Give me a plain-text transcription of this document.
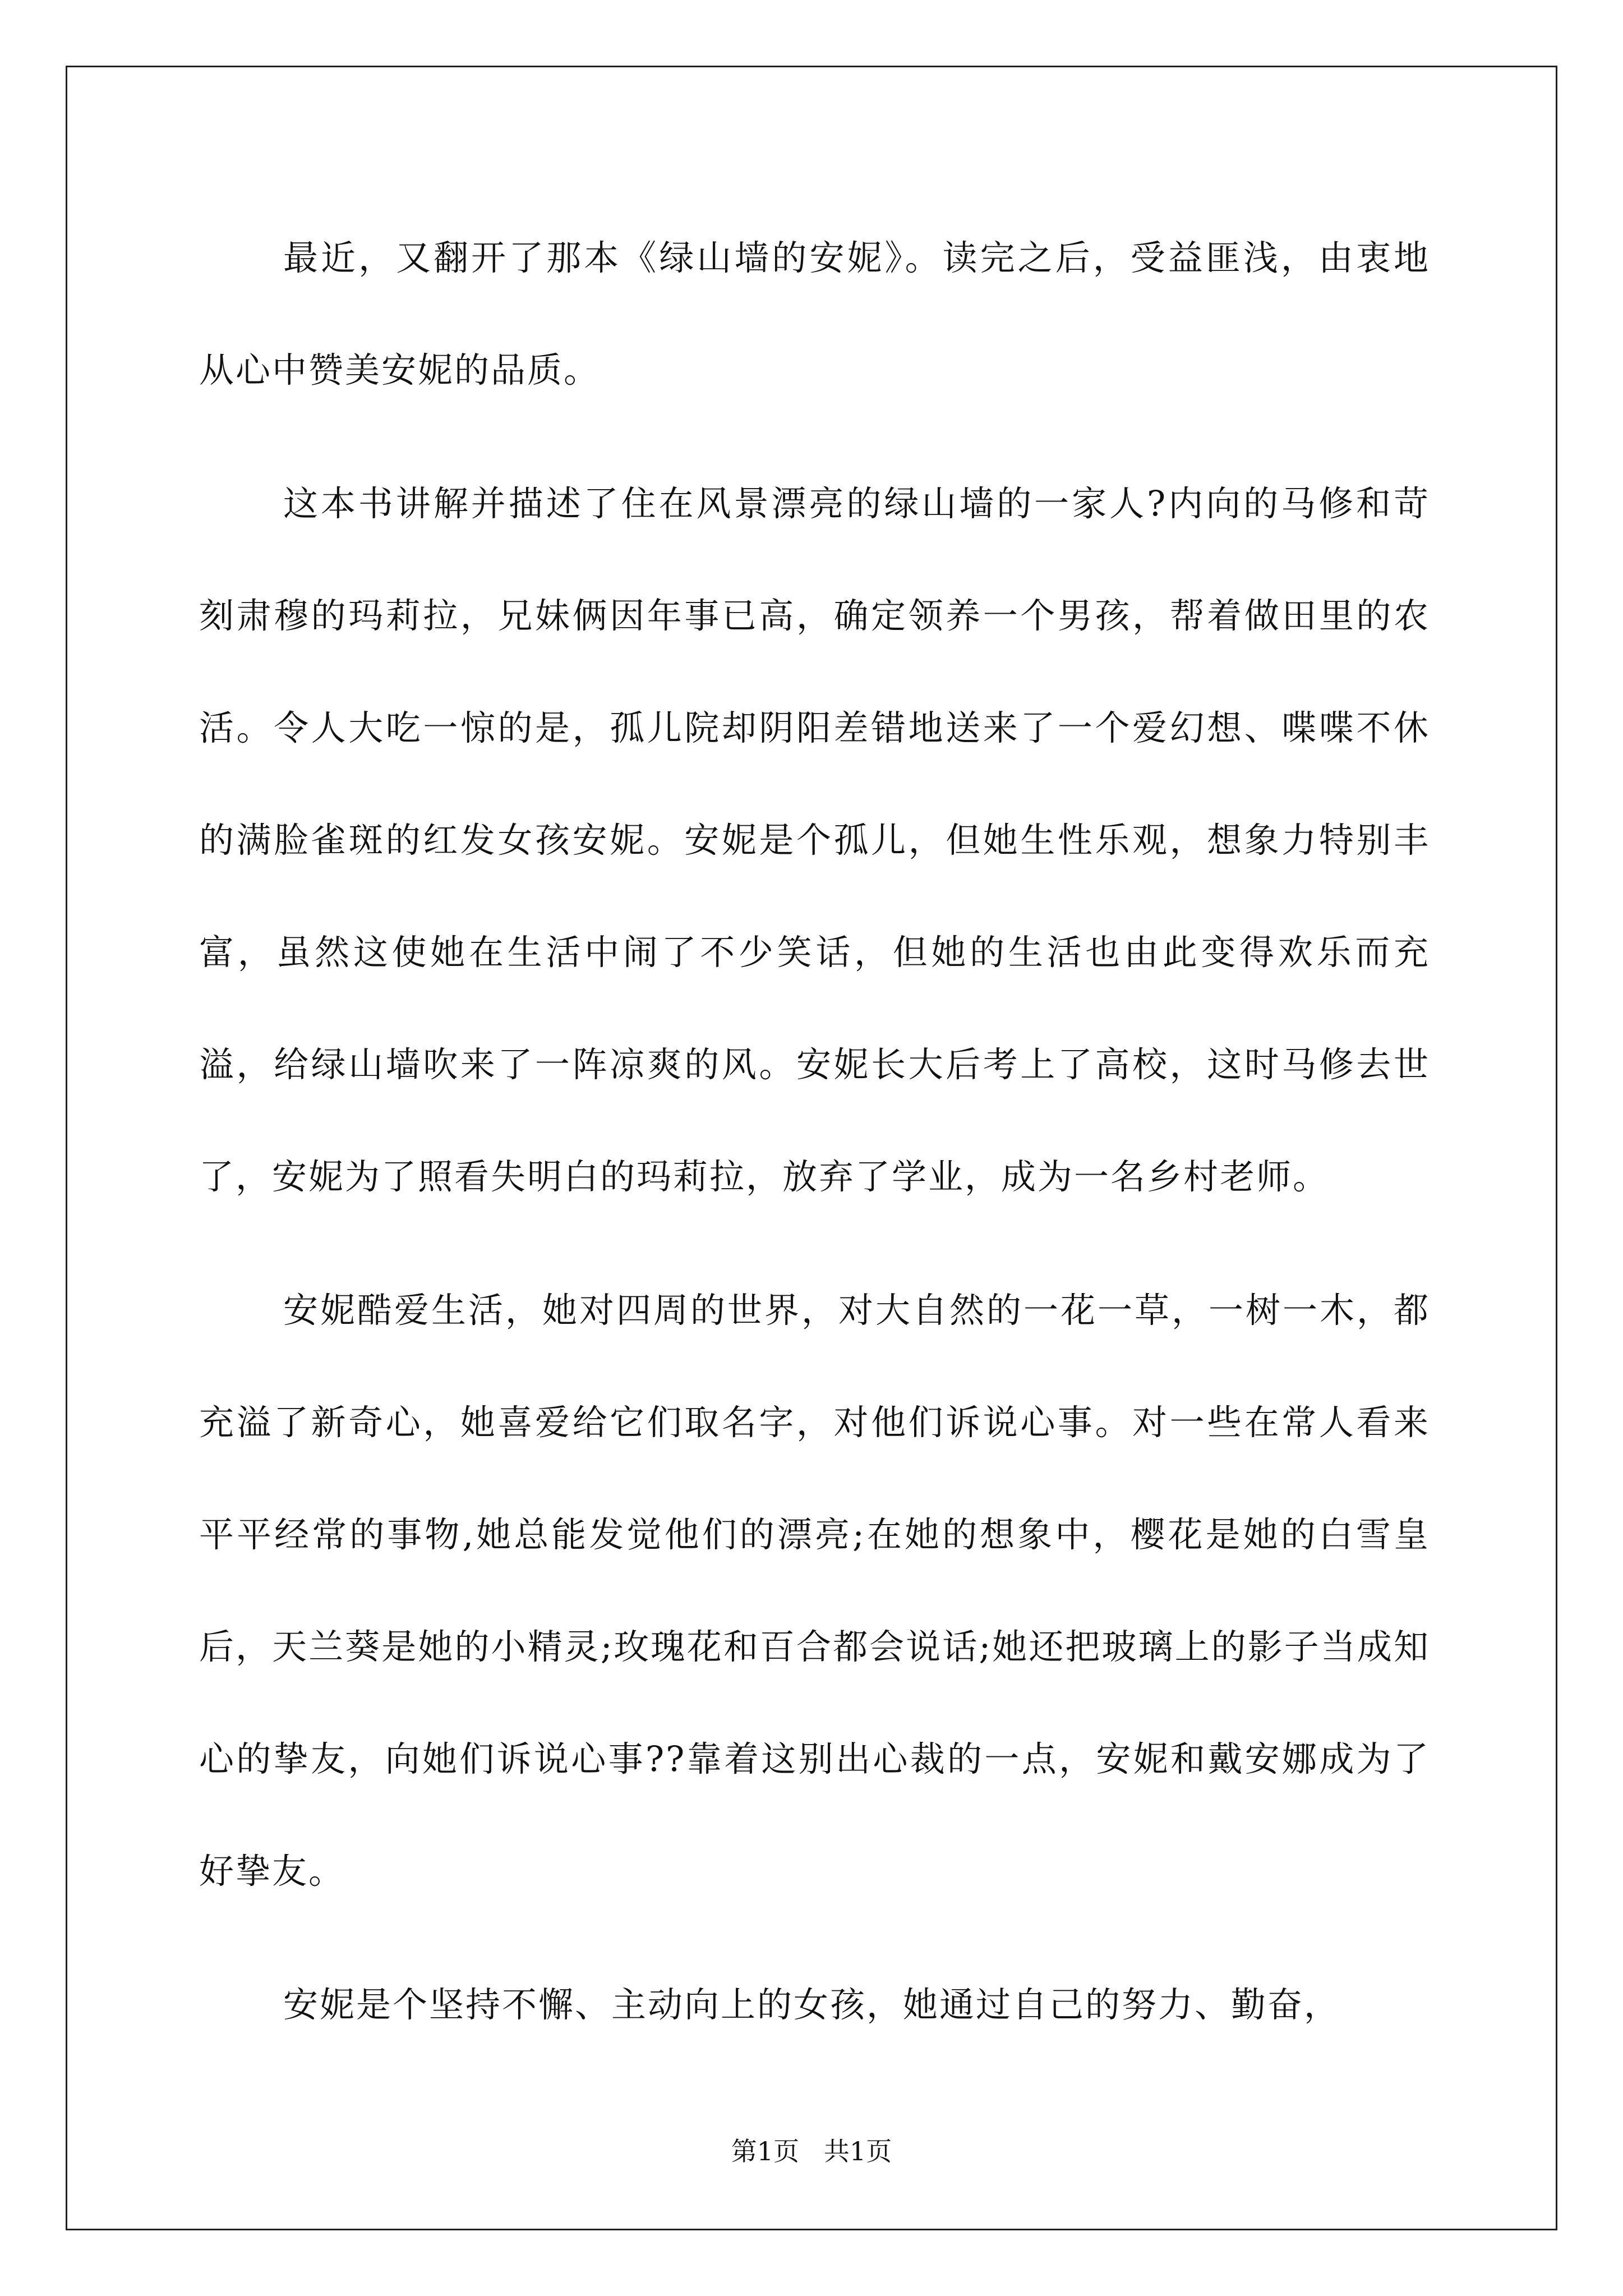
最近，又翻开了那本《绿山墙的安妮》。读完之后，受益匪浅，由衷地从心中赞美安妮的品质。

这本书讲解并描述了住在风景漂亮的绿山墙的一家人?内向的马修和苛刻肃穆的玛莉拉，兄妹俩因年事已高，确定领养一个男孩，帮着做田里的农活。令人大吃一惊的是，孤儿院却阴阳差错地送来了一个爱幻想、喋喋不休的满脸雀斑的红发女孩安妮。安妮是个孤儿，但她生性乐观，想象力特别丰富，虽然这使她在生活中闹了不少笑话，但她的生活也由此变得欢乐而充溢，给绿山墙吹来了一阵凉爽的风。安妮长大后考上了高校，这时马修去世了，安妮为了照看失明白的玛莉拉，放弃了学业，成为一名乡村老师。

安妮酷爱生活，她对四周的世界，对大自然的一花一草，一树一木，都充溢了新奇心，她喜爱给它们取名字，对他们诉说心事。对一些在常人看来平平经常的事物,她总能发觉他们的漂亮;在她的想象中，樱花是她的白雪皇后，天兰葵是她的小精灵;玫瑰花和百合都会说话;她还把玻璃上的影子当成知心的挚友，向她们诉说心事??靠着这别出心裁的一点，安妮和戴安娜成为了好挚友。

安妮是个坚持不懈、主动向上的女孩，她通过自己的努力、勤奋，

第1页   共1页
